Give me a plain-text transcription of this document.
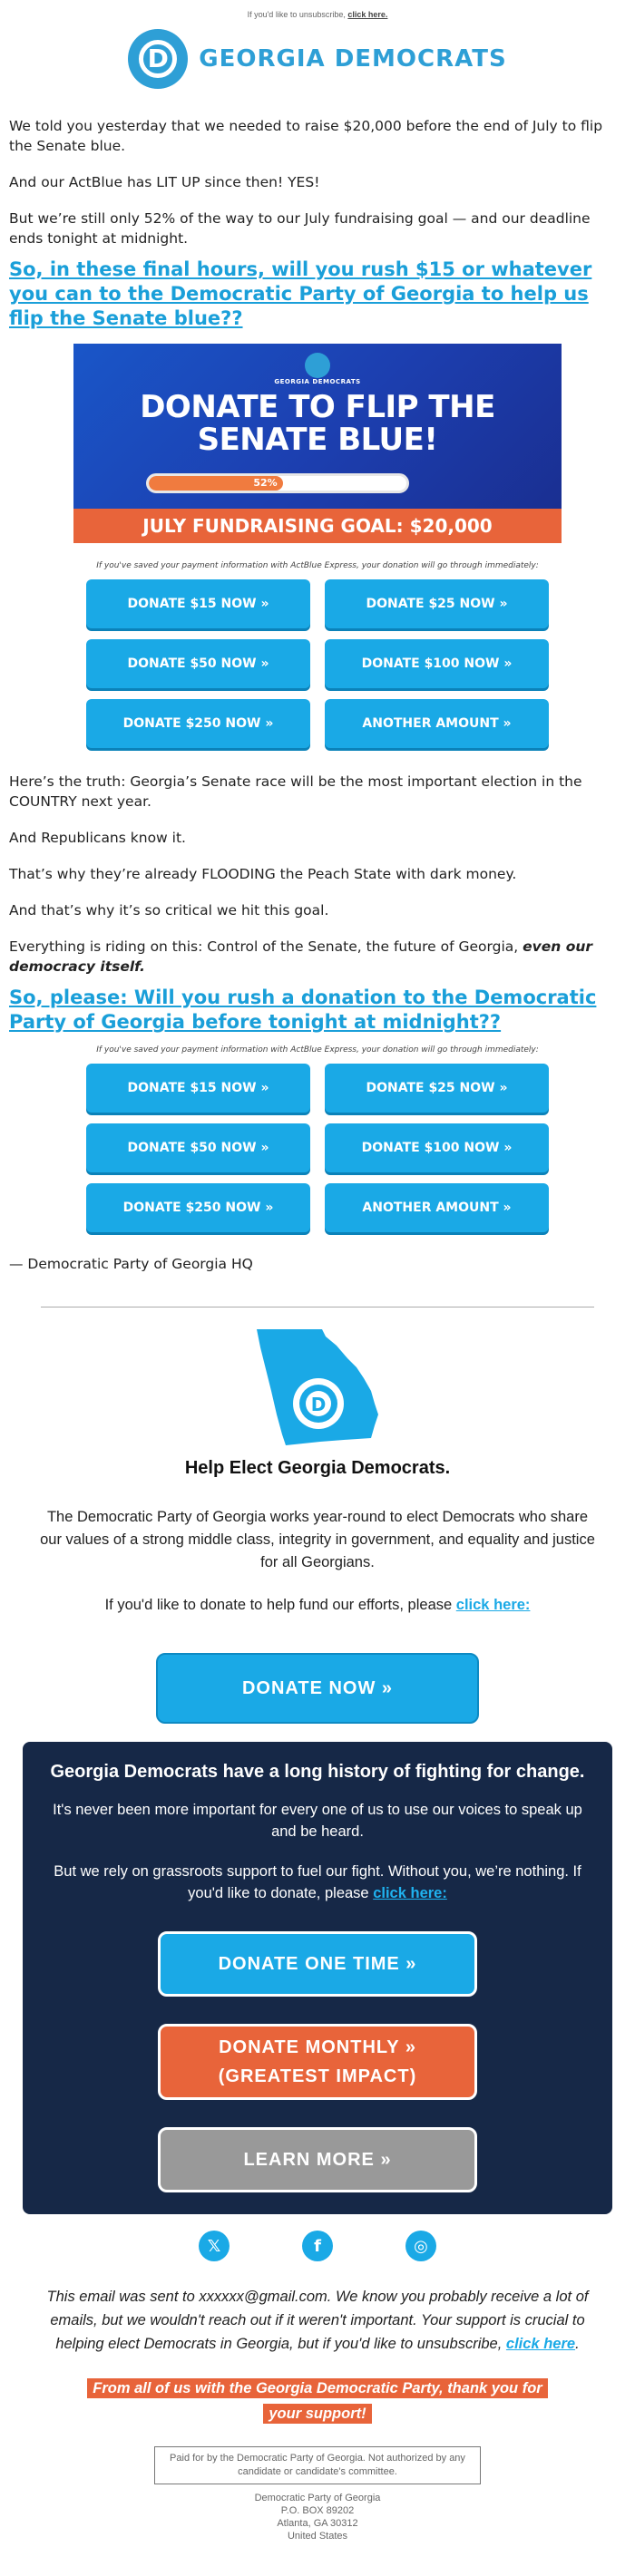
If you'd like to unsubscribe, click here.
D	GEORGIA DEMOCRATS

We told you yesterday that we needed to raise $20,000 before the end of July to flip the Senate blue.

And our ActBlue has LIT UP since then! YES!

But we’re still only 52% of the way to our July fundraising goal — and our deadline ends tonight at midnight.

So, in these final hours, will you rush $15 or whatever you can to the Democratic Party of Georgia to help us flip the Senate blue??
GEORGIA DEMOCRATS
DONATE TO FLIP THE
SENATE BLUE!
52%
JULY FUNDRAISING GOAL: $20,000
If you've saved your payment information with ActBlue Express, your donation will go through immediately:
DONATE $15 NOW »	DONATE $25 NOW »
DONATE $50 NOW »	DONATE $100 NOW »
DONATE $250 NOW »	ANOTHER AMOUNT »

Here’s the truth: Georgia’s Senate race will be the most important election in the COUNTRY next year.

And Republicans know it.

That’s why they’re already FLOODING the Peach State with dark money.

And that’s why it’s so critical we hit this goal.

Everything is riding on this: Control of the Senate, the future of Georgia, even our democracy itself.

So, please: Will you rush a donation to the Democratic Party of Georgia before tonight at midnight??
If you've saved your payment information with ActBlue Express, your donation will go through immediately:
DONATE $15 NOW »	DONATE $25 NOW »
DONATE $50 NOW »	DONATE $100 NOW »
DONATE $250 NOW »	ANOTHER AMOUNT »
— Democratic Party of Georgia HQ
D
Help Elect Georgia Democrats.
The Democratic Party of Georgia works year-round to elect Democrats who share our values of a strong middle class, integrity in government, and equality and justice for all Georgians.
If you'd like to donate to help fund our efforts, please click here:
DONATE NOW »
Georgia Democrats have a long history of fighting for change.
It's never been more important for every one of us to use our voices to speak up and be heard.
But we rely on grassroots support to fuel our fight. Without you, we’re nothing. If you'd like to donate, please click here:
DONATE ONE TIME »
DONATE MONTHLY »
(GREATEST IMPACT)
LEARN MORE »
𝕏	f	◎
This email was sent to xxxxxx@gmail.com. We know you probably receive a lot of emails, but we wouldn't reach out if it weren't important. Your support is crucial to helping elect Democrats in Georgia, but if you'd like to unsubscribe, click here.
From all of us with the Georgia Democratic Party, thank you for your support!
Paid for by the Democratic Party of Georgia. Not authorized by any candidate or candidate's committee.
Democratic Party of Georgia
P.O. BOX 89202
Atlanta, GA 30312
United States
